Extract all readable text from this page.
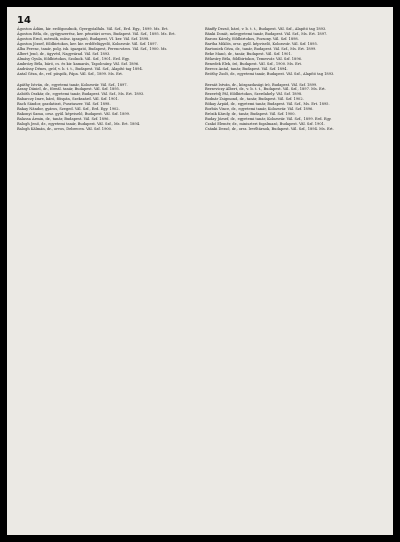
14

Ágoston Ádám, kir. erdőgondnok, Gyergyóalfalu. Vál. Szf., Erd. Egy., 1899. Ms. Ert.

Ágoston Béla, dr., gyógyszerész, ker. pénztári orvos, Budapest. Vál. Szf., 1895. Ms. Ert.

Ágoston Ernő, mérnök, műsz. igazgató, Budapest, VI. ker. Vál. Szf. 1898.

Ágoston József, földbirtokos, ker. kir. erdőfelügyelő, Kolozsvár. Vál. Szf. 1897.

Alba Ferenc, tanár, polg. isk. igazgató, Budapest, Ferencváros. Vál. Szf., 1900. Ms.

Albert Jenő, dr., ügyvéd, Nagyvárad. Vál. Szf. 1893.

Almásy Gyula, földbirtokos, Szolnok. Vál. Szf., 1901. Erd. Egy.

Ambrózy Béla, báró, cs. és kir. kamarás, Tapolcsány. Vál. Szf. 1896.

Andrássy Dénes, gróf, v. b. t. t., Budapest. Vál. Szf., Alapító tag 1894.

Antal Géza, dr., ref. püspök, Pápa. Vál. Szf., 1899. Ms. Ert.

Apáthy István, dr., egyetemi tanár, Kolozsvár. Vál. Szf., 1897.

Arany Dániel, dr., főreál. tanár, Budapest. Vál. Szf. 1895.

Asbóth Oszkár, dr., egyetemi tanár, Budapest. Vál. Szf., Ms. Ert. 1893.

Babarczy Imre, báró, főispán, Szekszárd. Vál. Szf. 1901.

Bach Sándor, gazdatiszt, Pusztaszer. Vál. Szf. 1898.

Bakay Nándor, gyáros, Szeged. Vál. Szf., Erd. Egy. 1902.

Bakonyi Samu, orsz. gyűl. képviselő, Budapest. Vál. Szf. 1899.

Balassa Ármin, dr., tanár, Budapest. Vál. Szf. 1896.

Balogh Jenő, dr., egyetemi tanár, Budapest. Vál. Szf., Ms. Ert. 1894.

Balogh Kálmán, dr., orvos, Debrecen. Vál. Szf. 1900.

Bánffy Dezső, báró, v. b. t. t., Budapest. Vál. Szf., Alapító tag 1893.

Bánki Donát, műegyetemi tanár, Budapest. Vál. Szf., Ms. Ert. 1897.

Baross Károly, földbirtokos, Pozsony. Vál. Szf. 1898.

Bartha Miklós, orsz. gyűl. képviselő, Kolozsvár. Vál. Szf. 1895.

Bartoniek Géza, dr., tanár, Budapest. Vál. Szf., Ms. Ert. 1899.

Beke Manó, dr., tanár, Budapest. Vál. Szf. 1901.

Bélaváry Béla, földbirtokos, Temesvár. Vál. Szf. 1896.

Benedek Elek, író, Budapest. Vál. Szf., 1900. Ms. Ert.

Berecz Antal, tanár, Budapest. Vál. Szf. 1894.

Beöthy Zsolt, dr., egyetemi tanár, Budapest. Vál. Szf., Alapító tag 1893.

Bernát István, dr., közgazdasági író, Budapest. Vál. Szf. 1899.

Berzeviczy Albert, dr., v. b. t. t., Budapest. Vál. Szf., 1897. Ms. Ert.

Bezerédj Pál, földbirtokos, Szerdahely. Vál. Szf. 1898.

Bodnár Zsigmond, dr., tanár, Budapest. Vál. Szf. 1902.

Bókay Árpád, dr., egyetemi tanár, Budapest. Vál. Szf., Ms. Ert. 1895.

Borbás Vince, dr., egyetemi tanár, Kolozsvár. Vál. Szf. 1896.

Brózik Károly, dr., tanár, Budapest. Vál. Szf. 1900.

Buday József, dr., egyetemi tanár, Kolozsvár. Vál. Szf., 1899. Erd. Egy.

Czakó Elemér, dr., miniszteri fogalmazó, Budapest. Vál. Szf. 1901.

Csánki Dezső, dr., orsz. levéltárnok, Budapest. Vál. Szf., 1894. Ms. Ert.
